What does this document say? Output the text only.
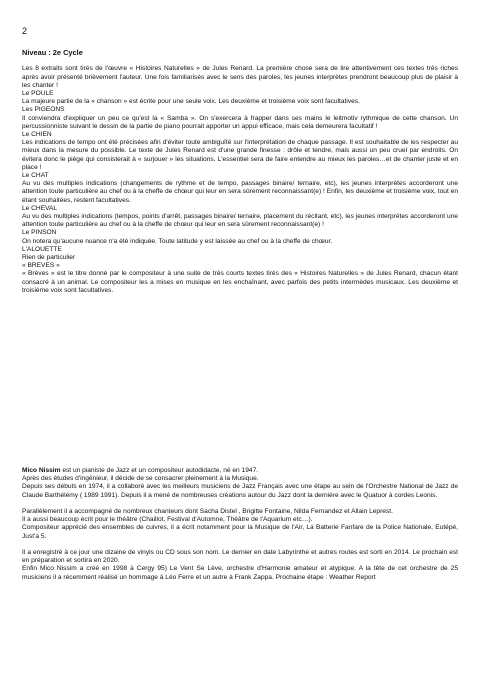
2

Niveau : 2e Cycle

Les 8 extraits sont tirés de l'œuvre « Histoires Naturelles » de Jules Renard. La première chose sera de lire attentivement ces textes très riches après avoir présenté brièvement l'auteur. Une fois familiarisés avec le sens des paroles, les jeunes interprètes prendront beaucoup plus de plaisir à les chanter !

Le POULE

La majeure partie de la « chanson » est écrite pour une seule voix. Les deuxième et troisième voix sont facultatives.

Les PIGEONS

Il conviendra d'expliquer un peu ce qu'est la « Samba ». On s'exercera à frapper dans ses mains le leitmotiv rythmique de cette chanson. Un percussionniste suivant le dessin de la partie de piano pourrait apporter un appui efficace, mais cela demeurera facultatif !

Le CHIEN

Les indications de tempo ont été précisées afin d'éviter toute ambiguïté sur l'interprétation de chaque passage. Il est souhaitable de les respecter au mieux dans la mesure du possible. Le texte de Jules Renard est d'une grande finesse : drôle et tendre, mais aussi un peu cruel par endroits. On évitera donc le piège qui consisterait à « surjouer » les situations. L'essentiel sera de faire entendre au mieux les paroles…et de chanter juste et en place !

Le CHAT

Au vu des multiples indications (changements de rythme et de tempo, passages binaire/ ternaire, etc), les jeunes interprètes accorderont une attention toute particulière au chef ou à la cheffe de chœur qui leur en sera sûrement reconnaissant(e) ! Enfin, les deuxième et troisième voix, tout en étant souhaitées, restent facultatives.

Le CHEVAL

Au vu des multiples indications (tempos, points d'arrêt, passages binaire/ ternaire, placement du récitant, etc), les jeunes interprètes accorderont une attention toute particulière au chef ou à la cheffe de chœur qui leur en sera sûrement reconnaissant(e) !

Le PINSON

On notera qu'aucune nuance n'a été indiquée. Toute latitude y est laissée au chef ou à la cheffe de chœur.

L'ALOUETTE

Rien de particulier

« BREVES »

« Brèves » est le titre donné par le compositeur à une suite de très courts textes tirés des « Histoires Naturelles » de Jules Renard, chacun étant consacré à un animal. Le compositeur les a mises en musique en les enchaînant, avec parfois des petits intermèdes musicaux. Les deuxième et troisième voix sont facultatives.

Mico Nissim est un pianiste de Jazz et un compositeur autodidacte, né en 1947.

Après des études d'ingénieur, il décide de se consacrer pleinement à la Musique.

Depuis ses débuts en 1974, il a collaboré avec les meilleurs musiciens de Jazz Français avec une étape au sein de l'Orchestre National de Jazz de Claude Barthélémy ( 1989 1991). Depuis il a mené de nombreuses créations autour du Jazz dont la dernière avec le Quatuor à cordes Leonis.

Parallèlement il a accompagné de nombreux chanteurs dont Sacha Distel , Brigitte Fontaine, Nilda Fernandez et Allain Leprest.

Il a aussi beaucoup écrit pour le théâtre (Chaillot, Festival d'Automne, Théâtre de l'Aquarium etc…).

Compositeur apprécié des ensembles de cuivres, il a écrit notamment pour la Musique de l'Air, La Batterie Fanfare de la Police Nationale, Eutépé, Just'a 5.

Il a enregistré à ce jour une dizaine de vinyls ou CD sous son nom. Le dernier en date Labyrinthe et autres routes est sorti en 2014. Le prochain est en préparation et sortira en 2020.

Enfin Mico Nissim a créé en 1998 à Cergy 95) Le Vent Se Lève, orchestre d'Harmonie amateur et atypique. A la tête de cet orchestre de 25 musiciens il a récemment réalisé un hommage à Léo Ferre et un autre à Frank Zappa. Prochaine étape : Weather Report
